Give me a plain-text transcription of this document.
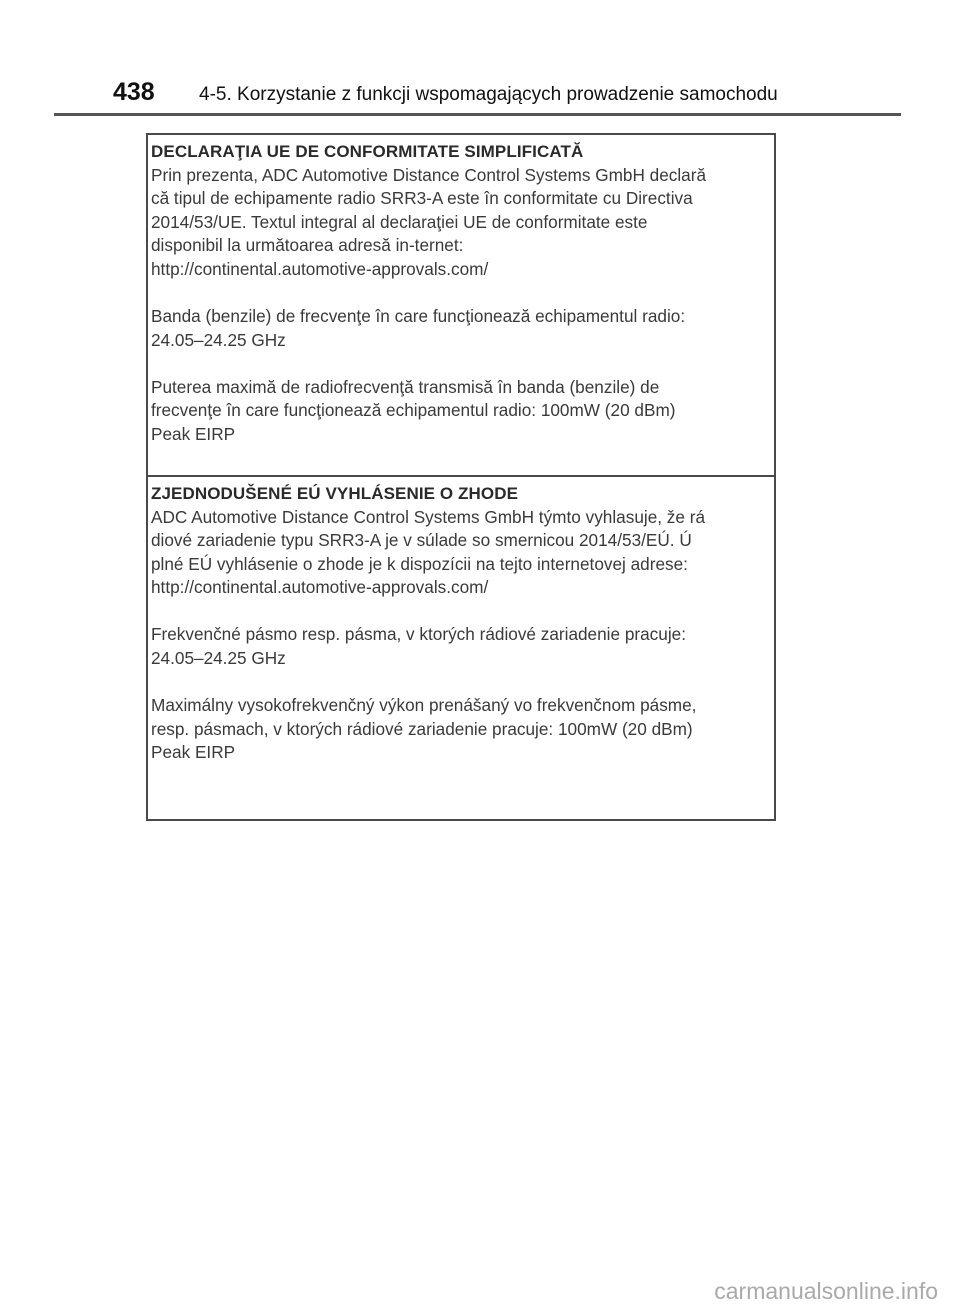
438 4-5. Korzystanie z funkcji wspomagających prowadzenie samochodu
DECLARAŢIA UE DE CONFORMITATE SIMPLIFICATĂ
Prin prezenta, ADC Automotive Distance Control Systems GmbH declară
că tipul de echipamente radio SRR3-A este în conformitate cu Directiva
2014/53/UE. Textul integral al declaraţiei UE de conformitate este
disponibil la următoarea adresă in-ternet:
http://continental.automotive-approvals.com/
Banda (benzile) de frecvenţe în care funcţionează echipamentul radio:
24.05–24.25 GHz
Puterea maximă de radiofrecvenţă transmisă în banda (benzile) de
frecvenţe în care funcţionează echipamentul radio: 100mW (20 dBm)
Peak EIRP
ZJEDNODUŠENÉ EÚ VYHLÁSENIE O ZHODE
ADC Automotive Distance Control Systems GmbH týmto vyhlasuje, že rá
diové zariadenie typu SRR3-A je v súlade so smernicou 2014/53/EÚ. Ú
plné EÚ vyhlásenie o zhode je k dispozícii na tejto internetovej adrese:
http://continental.automotive-approvals.com/
Frekvenčné pásmo resp. pásma, v ktorých rádiové zariadenie pracuje:
24.05–24.25 GHz
Maximálny vysokofrekvenčný výkon prenášaný vo frekvenčnom pásme,
resp. pásmach, v ktorých rádiové zariadenie pracuje: 100mW (20 dBm)
Peak EIRP
carmanualsonline.info
